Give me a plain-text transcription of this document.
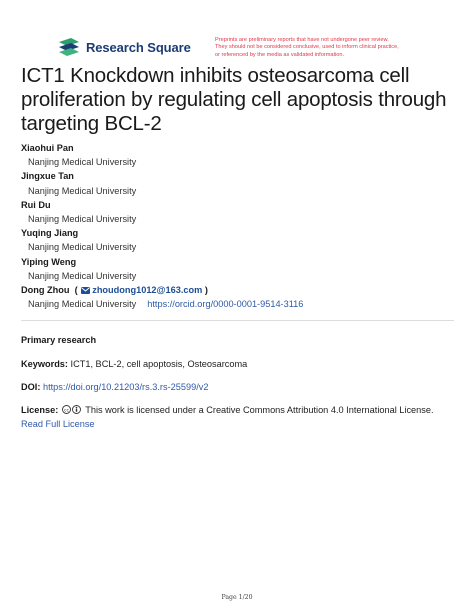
Research Square	Preprints are preliminary reports that have not undergone peer review.
They should not be considered conclusive, used to inform clinical practice,
or referenced by the media as validated information.
ICT1 Knockdown inhibits osteosarcoma cell proliferation by regulating cell apoptosis through targeting BCL-2
Xiaohui Pan
Nanjing Medical University
Jingxue Tan
Nanjing Medical University
Rui Du
Nanjing Medical University
Yuqing Jiang
Nanjing Medical University
Yiping Weng
Nanjing Medical University
Dong Zhou ( zhoudong1012@163.com )
Nanjing Medical University https://orcid.org/0000-0001-9514-3116
Primary research
Keywords: ICT1, BCL-2, cell apoptosis, Osteosarcoma
DOI: https://doi.org/10.21203/rs.3.rs-25599/v2
License: cc This work is licensed under a Creative Commons Attribution 4.0 International License.
Read Full License
Page 1/20
